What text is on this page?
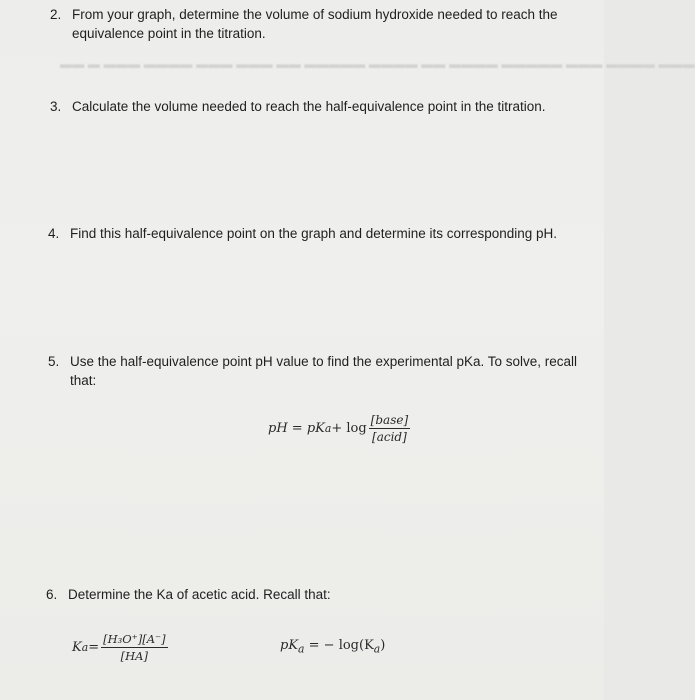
2. From your graph, determine the volume of sodium hydroxide needed to reach the
equivalence point in the titration.
▬▬ ▬ ▬▬▬ ▬▬▬▬ ▬▬▬ ▬▬▬ ▬▬ ▬▬▬▬▬ ▬▬▬▬ ▬▬ ▬▬▬▬ ▬▬▬▬▬ ▬▬▬ ▬▬▬▬ ▬▬▬
3. Calculate the volume needed to reach the half-equivalence point in the titration.
4. Find this half-equivalence point on the graph and determine its corresponding pH.
5. Use the half-equivalence point pH value to find the experimental pKa. To solve, recall
that:
pH = pK $a + \log \frac{\text{[base]}}{\text{[acid]}}$
6. Determine the Ka of acetic acid. Recall that:
K $a = \frac{\text{[H₃O⁺][A⁻]}}{[HA]}$	$pK_a$ = − $\log(K_a)$
